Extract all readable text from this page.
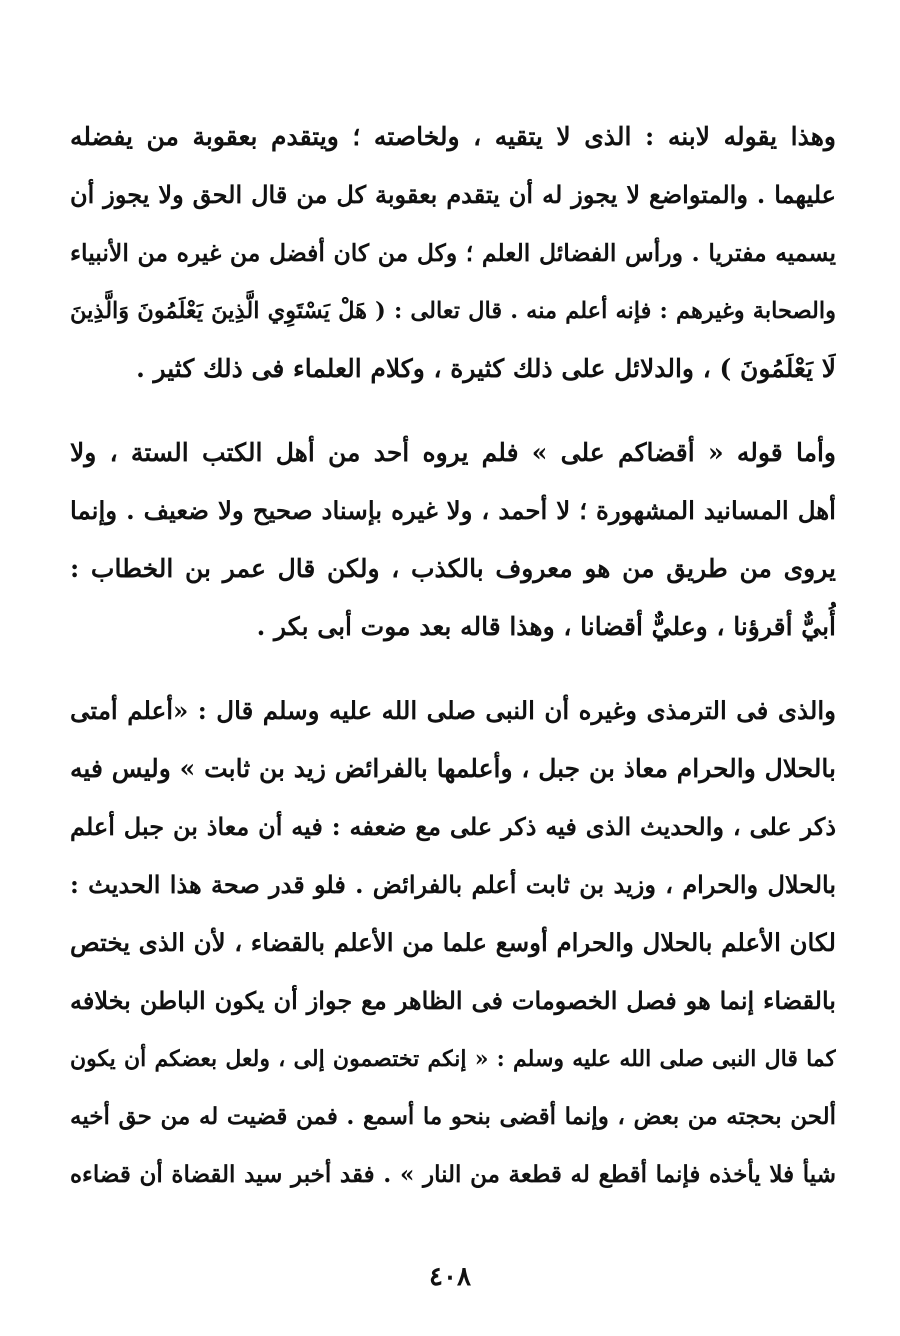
وهذا يقوله لابنه : الذى لا يتقيه ، ولخاصته ؛ ويتقدم بعقوبة من يفضله
عليهما . والمتواضع لا يجوز له أن يتقدم بعقوبة كل من قال الحق ولا يجوز أن
يسميه مفتريا . ورأس الفضائل العلم ؛ وكل من كان أفضل من غيره من الأنبياء
والصحابة وغيرهم : فإنه أعلم منه . قال تعالى : ( هَلْ يَسْتَوِي الَّذِينَ يَعْلَمُونَ وَالَّذِينَ
لَا يَعْلَمُونَ ) ، والدلائل على ذلك كثيرة ، وكلام العلماء فى ذلك كثير .
وأما قوله « أقضاكم على » فلم يروه أحد من أهل الكتب الستة ، ولا
أهل المسانيد المشهورة ؛ لا أحمد ، ولا غيره بإسناد صحيح ولا ضعيف . وإنما
يروى من طريق من هو معروف بالكذب ، ولكن قال عمر بن الخطاب :
أُبيٌّ أقرؤنا ، وعليٌّ أقضانا ، وهذا قاله بعد موت أبى بكر .
والذى فى الترمذى وغيره أن النبى صلى الله عليه وسلم قال : «أعلم أمتى
بالحلال والحرام معاذ بن جبل ، وأعلمها بالفرائض زيد بن ثابت » وليس فيه
ذكر على ، والحديث الذى فيه ذكر على مع ضعفه : فيه أن معاذ بن جبل أعلم
بالحلال والحرام ، وزيد بن ثابت أعلم بالفرائض . فلو قدر صحة هذا الحديث :
لكان الأعلم بالحلال والحرام أوسع علما من الأعلم بالقضاء ، لأن الذى يختص
بالقضاء إنما هو فصل الخصومات فى الظاهر مع جواز أن يكون الباطن بخلافه
كما قال النبى صلى الله عليه وسلم : « إنكم تختصمون إلى ، ولعل بعضكم أن يكون
ألحن بحجته من بعض ، وإنما أقضى بنحو ما أسمع . فمن قضيت له من حق أخيه
شيأ فلا يأخذه فإنما أقطع له قطعة من النار » . فقد أخبر سيد القضاة أن قضاءه
٤٠٨
